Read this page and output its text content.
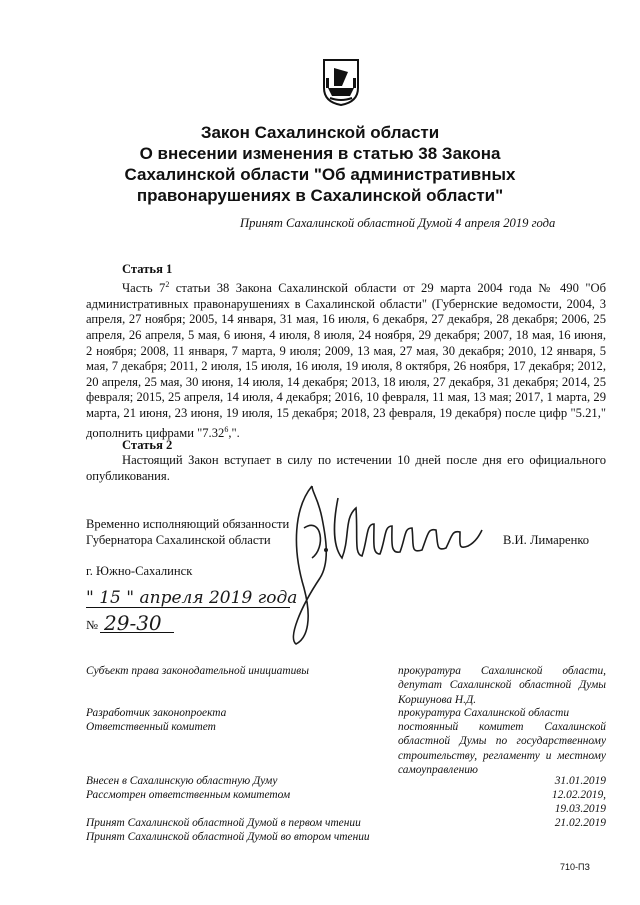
Закон Сахалинской области
О внесении изменения в статью 38 Закона
Сахалинской области "Об административных
правонарушениях в Сахалинской области"
Принят Сахалинской областной Думой 4 апреля 2019 года
Статья 1
Часть $7^2$ статьи 38 Закона Сахалинской области от 29 марта 2004 года № 490 "Об административных правонарушениях в Сахалинской области" (Губернские ведомости, 2004, 3 апреля, 27 ноября; 2005, 14 января, 31 мая, 16 июля, 6 декабря, 27 декабря, 28 декабря; 2006, 25 апреля, 26 апреля, 5 мая, 6 июня, 4 июля, 8 июля, 24 ноября, 29 декабря; 2007, 18 мая, 16 июня, 2 ноября; 2008, 11 января, 7 марта, 9 июля; 2009, 13 мая, 27 мая, 30 декабря; 2010, 12 января, 5 мая, 7 декабря; 2011, 2 июля, 15 июля, 16 июля, 19 июля, 8 октября, 26 ноября, 17 декабря; 2012, 20 апреля, 25 мая, 30 июня, 14 июля, 14 декабря; 2013, 18 июля, 27 декабря, 31 декабря; 2014, 25 февраля; 2015, 25 апреля, 14 июля, 4 декабря; 2016, 10 февраля, 11 мая, 13 мая; 2017, 1 марта, 29 марта, 21 июня, 23 июня, 19 июля, 15 декабря; 2018, 23 февраля, 19 декабря) после цифр "5.21," дополнить цифрами "7.32$^6$,".
Статья 2
Настоящий Закон вступает в силу по истечении 10 дней после дня его официального опубликования.
Временно исполняющий обязанности
Губернатора Сахалинской области	В.И. Лимаренко
г. Южно-Сахалинск
" 15 " апреля 2019 года
№ 29-30
Субъект права законодательной инициативы	прокуратура Сахалинской области, депутат Сахалинской областной Думы Коршунова Н.Д.
Разработчик законопроекта	прокуратура Сахалинской области
Ответственный комитет	постоянный комитет Сахалинской областной Думы по государственному строительству, регламенту и местному самоуправлению
Внесен в Сахалинскую областную Думу	31.01.2019
Рассмотрен ответственным комитетом	12.02.2019,
19.03.2019
Принят Сахалинской областной Думой в первом чтении	21.02.2019
Принят Сахалинской областной Думой во втором чтении
710-ПЗ
